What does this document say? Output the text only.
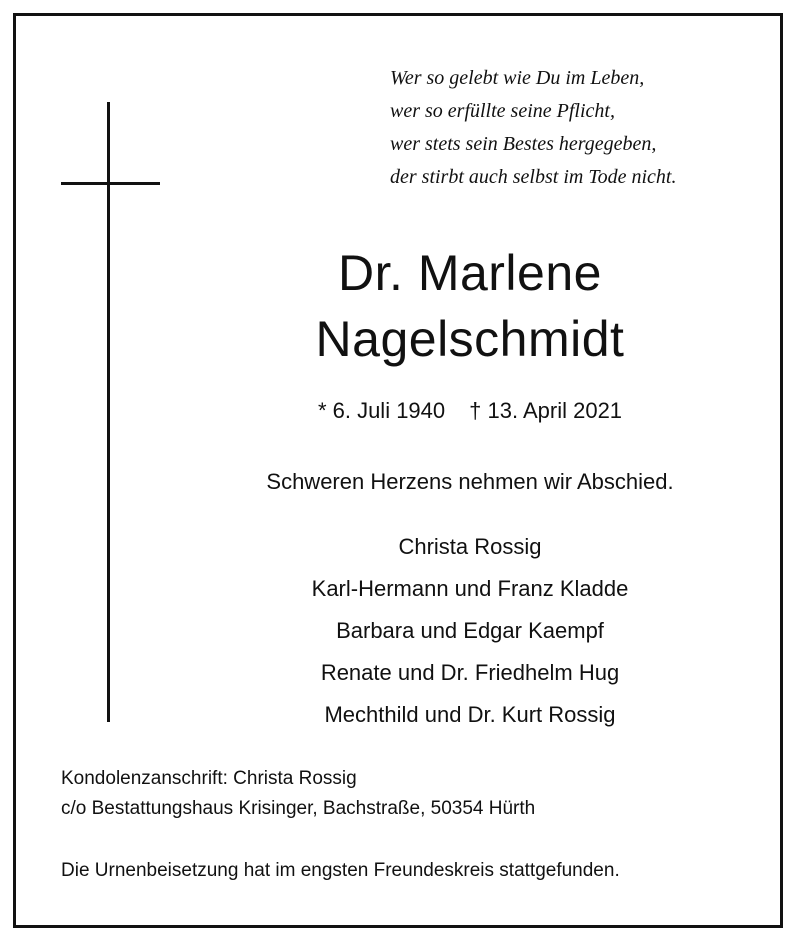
Wer so gelebt wie Du im Leben,
wer so erfüllte seine Pflicht,
wer stets sein Bestes hergegeben,
der stirbt auch selbst im Tode nicht.
Dr. Marlene
Nagelschmidt
* 6. Juli 1940 † 13. April 2021
Schweren Herzens nehmen wir Abschied.
Christa Rossig
Karl-Hermann und Franz Kladde
Barbara und Edgar Kaempf
Renate und Dr. Friedhelm Hug
Mechthild und Dr. Kurt Rossig
Kondolenzanschrift: Christa Rossig
c/o Bestattungshaus Krisinger, Bachstraße, 50354 Hürth
Die Urnenbeisetzung hat im engsten Freundeskreis stattgefunden.
